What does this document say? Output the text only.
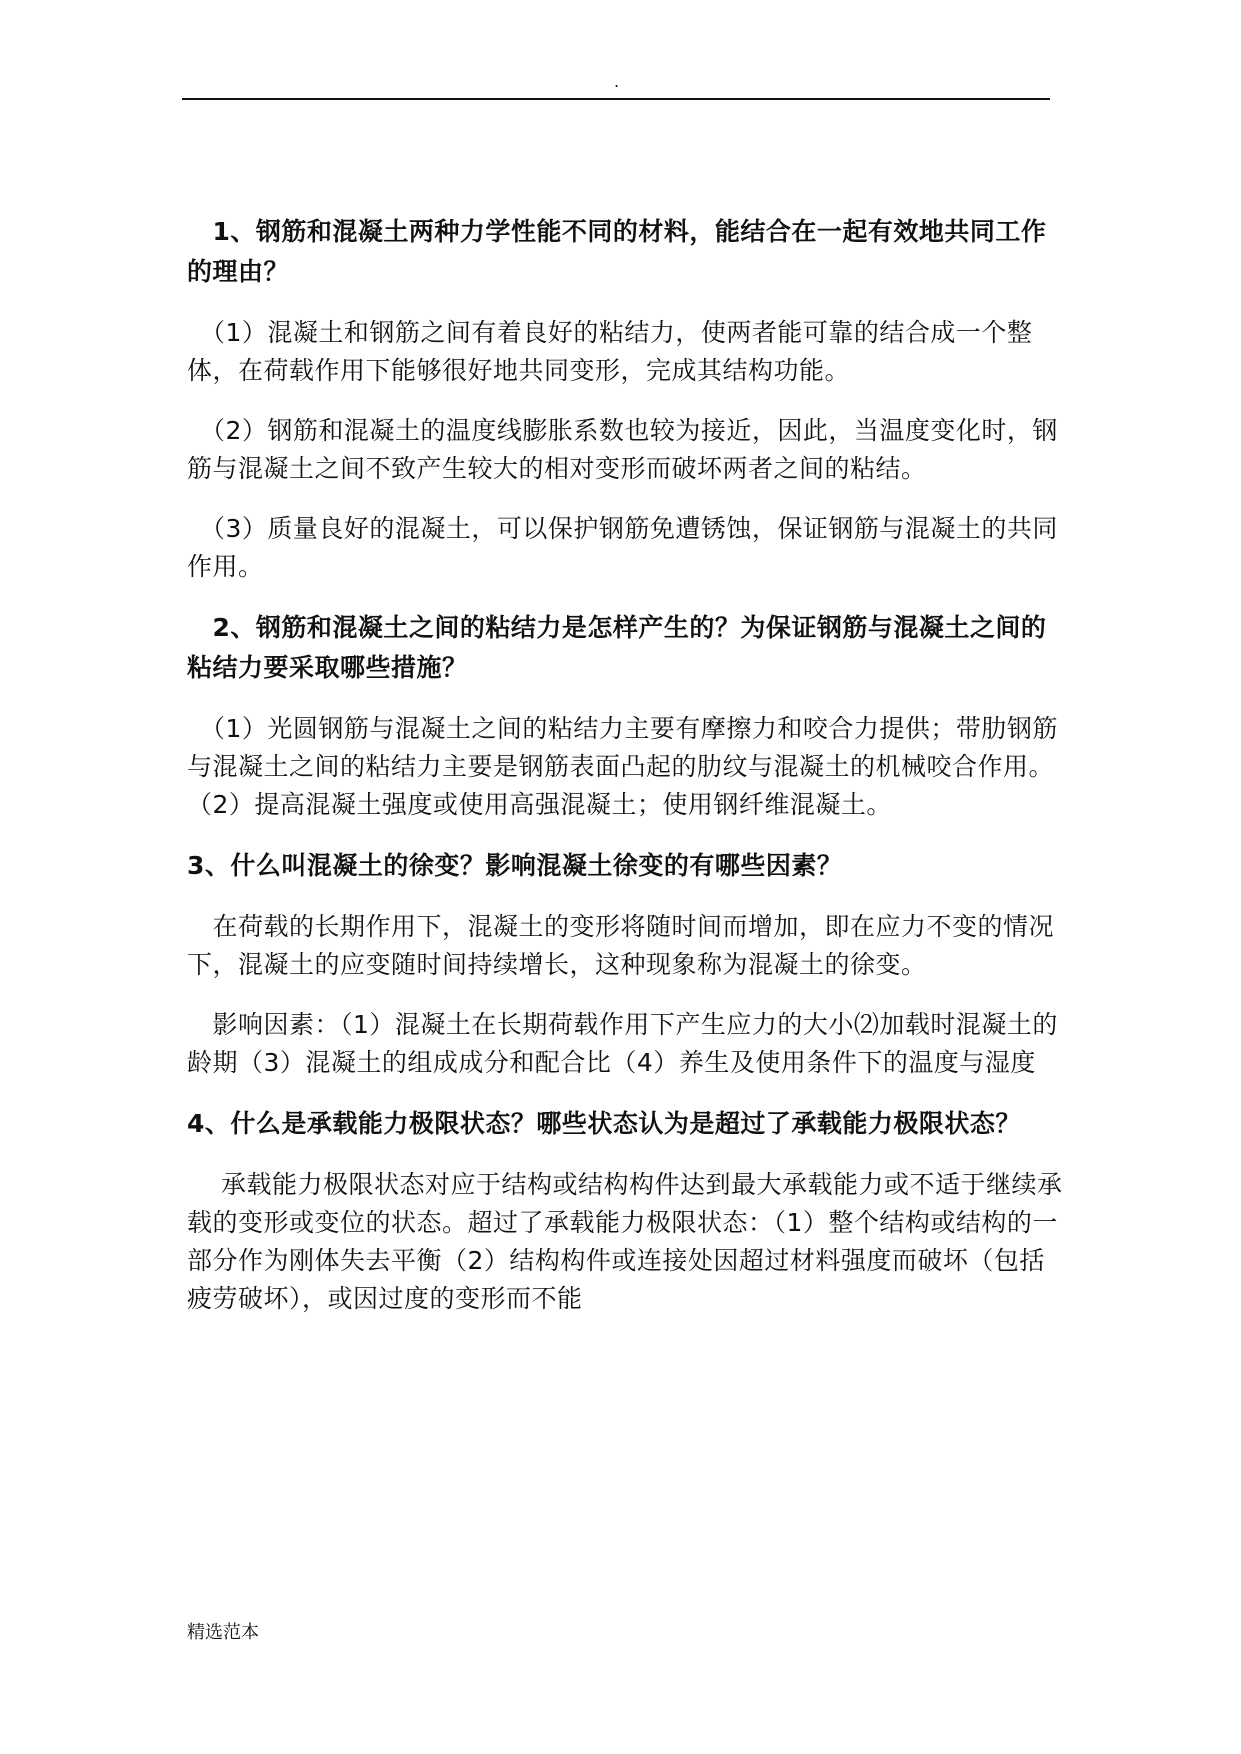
.

　1、钢筋和混凝土两种力学性能不同的材料，能结合在一起有效地共同工作的理由？

　（1）混凝土和钢筋之间有着良好的粘结力，使两者能可靠的结合成一个整体，在荷载作用下能够很好地共同变形，完成其结构功能。

　（2）钢筋和混凝土的温度线膨胀系数也较为接近，因此，当温度变化时，钢筋与混凝土之间不致产生较大的相对变形而破坏两者之间的粘结。

　（3）质量良好的混凝土，可以保护钢筋免遭锈蚀，保证钢筋与混凝土的共同作用。

　2、钢筋和混凝土之间的粘结力是怎样产生的？为保证钢筋与混凝土之间的粘结力要采取哪些措施？

　（1）光圆钢筋与混凝土之间的粘结力主要有摩擦力和咬合力提供；带肋钢筋与混凝土之间的粘结力主要是钢筋表面凸起的肋纹与混凝土的机械咬合作用。（2）提高混凝土强度或使用高强混凝土；使用钢纤维混凝土。

3、什么叫混凝土的徐变？影响混凝土徐变的有哪些因素？

　在荷载的长期作用下，混凝土的变形将随时间而增加，即在应力不变的情况下，混凝土的应变随时间持续增长，这种现象称为混凝土的徐变。

　影响因素：（1）混凝土在长期荷载作用下产生应力的大小⑵加载时混凝土的龄期（3）混凝土的组成成分和配合比（4）养生及使用条件下的温度与湿度

4、什么是承载能力极限状态？哪些状态认为是超过了承载能力极限状态？

　 承载能力极限状态对应于结构或结构构件达到最大承载能力或不适于继续承载的变形或变位的状态。超过了承载能力极限状态：（1）整个结构或结构的一部分作为刚体失去平衡（2）结构构件或连接处因超过材料强度而破坏（包括疲劳破坏），或因过度的变形而不能

精选范本
